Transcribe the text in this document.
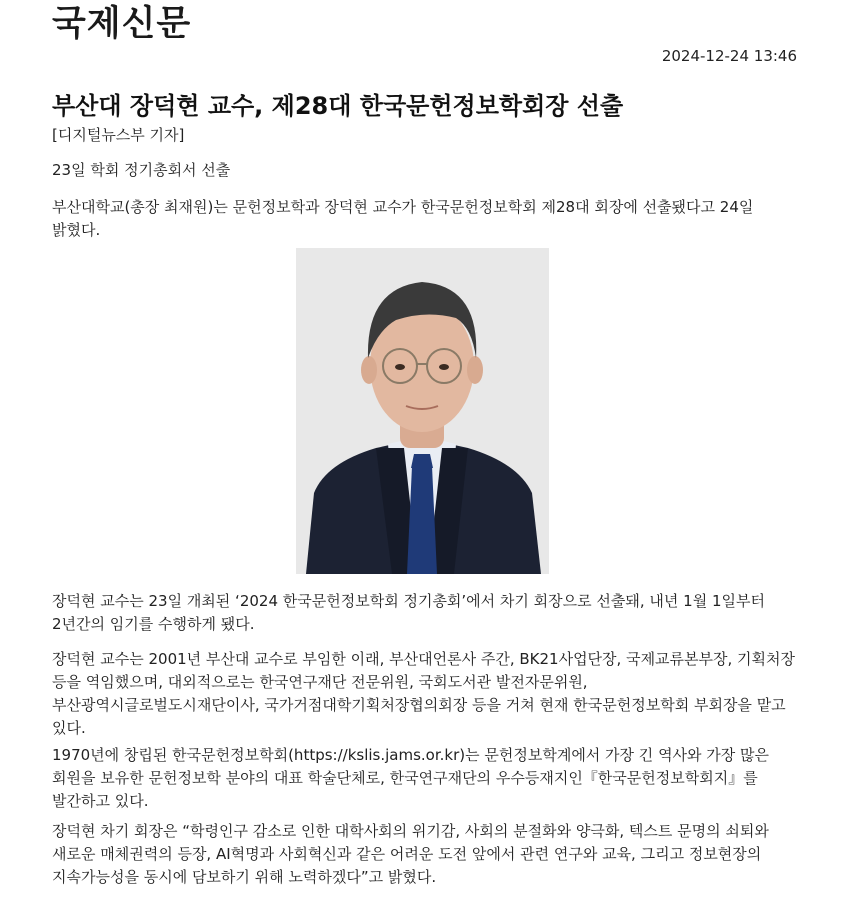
국제신문
2024-12-24 13:46
부산대 장덕현 교수, 제28대 한국문헌정보학회장 선출
[디지털뉴스부 기자]
23일 학회 정기총회서 선출

부산대학교(총장 최재원)는 문헌정보학과 장덕현 교수가 한국문헌정보학회 제28대 회장에 선출됐다고 24일 밝혔다.

장덕현 교수는 23일 개최된 ‘2024 한국문헌정보학회 정기총회’에서 차기 회장으로 선출돼, 내년 1월 1일부터 2년간의 임기를 수행하게 됐다.

장덕현 교수는 2001년 부산대 교수로 부임한 이래, 부산대언론사 주간, BK21사업단장, 국제교류본부장, 기획처장 등을 역임했으며, 대외적으로는 한국연구재단 전문위원, 국회도서관 발전자문위원, 부산광역시글로벌도시재단이사, 국가거점대학기획처장협의회장 등을 거쳐 현재 한국문헌정보학회 부회장을 맡고 있다.

1970년에 창립된 한국문헌정보학회(https://kslis.jams.or.kr)는 문헌정보학계에서 가장 긴 역사와 가장 많은 회원을 보유한 문헌정보학 분야의 대표 학술단체로, 한국연구재단의 우수등재지인『한국문헌정보학회지』를 발간하고 있다.

장덕현 차기 회장은 “학령인구 감소로 인한 대학사회의 위기감, 사회의 분절화와 양극화, 텍스트 문명의 쇠퇴와 새로운 매체권력의 등장, AI혁명과 사회혁신과 같은 어려운 도전 앞에서 관련 연구와 교육, 그리고 정보현장의 지속가능성을 동시에 담보하기 위해 노력하겠다”고 밝혔다.
